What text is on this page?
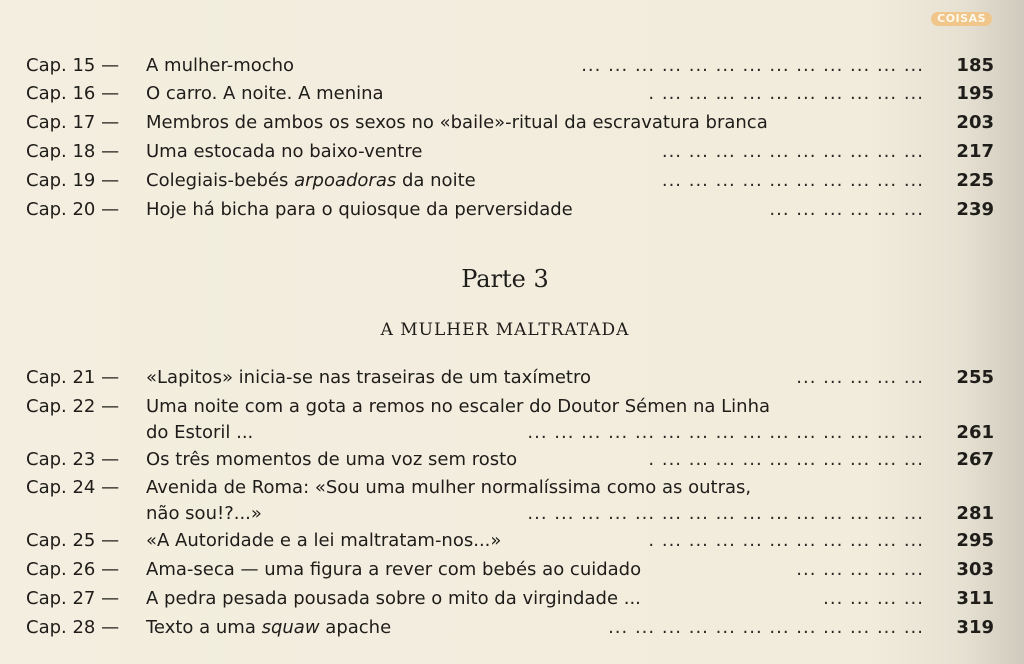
COISAS
Cap. 15 —	A mulher-mocho	... ... ... ... ... ... ... ... ... ... ... ... ...	185
Cap. 16 —	O carro. A noite. A menina	. ... ... ... ... ... ... ... ... ... ...	195
Cap. 17 —	Membros de ambos os sexos no «baile»-ritual da escravatura branca	203
Cap. 18 —	Uma estocada no baixo-ventre	... ... ... ... ... ... ... ... ... ...	217
Cap. 19 —	Colegiais-bebés arpoadoras da noite	... ... ... ... ... ... ... ... ... ...	225
Cap. 20 —	Hoje há bicha para o quiosque da perversidade	... ... ... ... ... ...	239
Parte 3
A MULHER MALTRATADA
Cap. 21 —	«Lapitos» inicia-se nas traseiras de um taxímetro	... ... ... ... ...	255
Cap. 22 —	Uma noite com a gota a remos no escaler do Doutor Sémen na Linha
do Estoril ...	... ... ... ... ... ... ... ... ... ... ... ... ... ... ...	261
Cap. 23 —	Os três momentos de uma voz sem rosto	. ... ... ... ... ... ... ... ... ... ...	267
Cap. 24 —	Avenida de Roma: «Sou uma mulher normalíssima como as outras,
não sou!?...»	... ... ... ... ... ... ... ... ... ... ... ... ... ... ...	281
Cap. 25 —	«A Autoridade e a lei maltratam-nos...»	. ... ... ... ... ... ... ... ... ... ...	295
Cap. 26 —	Ama-seca — uma figura a rever com bebés ao cuidado	... ... ... ... ...	303
Cap. 27 —	A pedra pesada pousada sobre o mito da virgindade ...	... ... ... ...	311
Cap. 28 —	Texto a uma squaw apache	... ... ... ... ... ... ... ... ... ... ... ...	319
